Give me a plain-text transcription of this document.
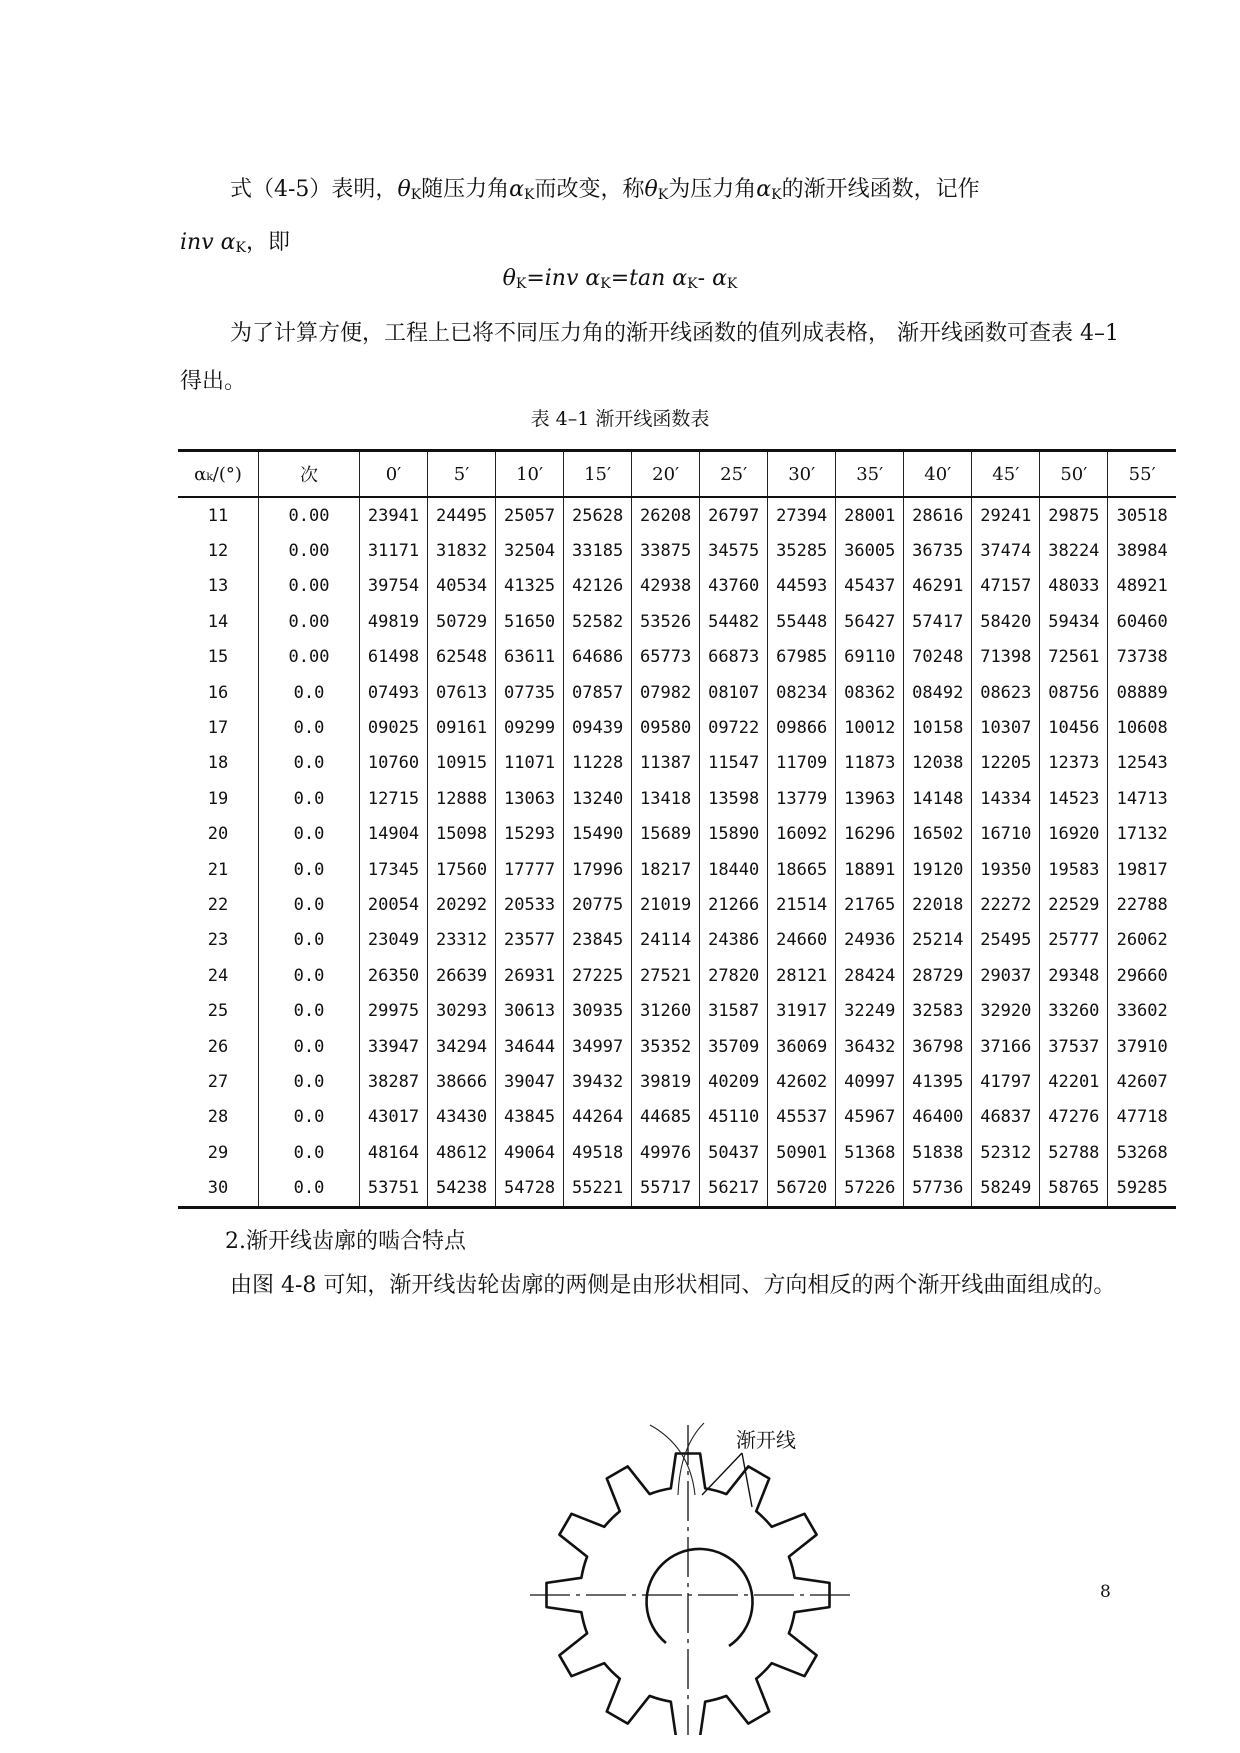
式（4-5）表明，$\theta_K$随压力角$\alpha_K$而改变，称$\theta_K$为压力角$\alpha_K$的渐开线函数，记作
inv $\alpha_K$，即
$\theta_K=inv$ $\alpha_K=\tan$ $\alpha_K-$ $\alpha_K$
为了计算方便，工程上已将不同压力角的渐开线函数的值列成表格， 渐开线函数可查表 4–1 得出。
表 4–1 渐开线函数表
αₖ/(°)	次	0′	5′	10′	15′	20′	25′	30′	35′	40′	45′	50′	55′
11	0.00	23941	24495	25057	25628	26208	26797	27394	28001	28616	29241	29875	30518
12	0.00	31171	31832	32504	33185	33875	34575	35285	36005	36735	37474	38224	38984
13	0.00	39754	40534	41325	42126	42938	43760	44593	45437	46291	47157	48033	48921
14	0.00	49819	50729	51650	52582	53526	54482	55448	56427	57417	58420	59434	60460
15	0.00	61498	62548	63611	64686	65773	66873	67985	69110	70248	71398	72561	73738
16	0.0	07493	07613	07735	07857	07982	08107	08234	08362	08492	08623	08756	08889
17	0.0	09025	09161	09299	09439	09580	09722	09866	10012	10158	10307	10456	10608
18	0.0	10760	10915	11071	11228	11387	11547	11709	11873	12038	12205	12373	12543
19	0.0	12715	12888	13063	13240	13418	13598	13779	13963	14148	14334	14523	14713
20	0.0	14904	15098	15293	15490	15689	15890	16092	16296	16502	16710	16920	17132
21	0.0	17345	17560	17777	17996	18217	18440	18665	18891	19120	19350	19583	19817
22	0.0	20054	20292	20533	20775	21019	21266	21514	21765	22018	22272	22529	22788
23	0.0	23049	23312	23577	23845	24114	24386	24660	24936	25214	25495	25777	26062
24	0.0	26350	26639	26931	27225	27521	27820	28121	28424	28729	29037	29348	29660
25	0.0	29975	30293	30613	30935	31260	31587	31917	32249	32583	32920	33260	33602
26	0.0	33947	34294	34644	34997	35352	35709	36069	36432	36798	37166	37537	37910
27	0.0	38287	38666	39047	39432	39819	40209	42602	40997	41395	41797	42201	42607
28	0.0	43017	43430	43845	44264	44685	45110	45537	45967	46400	46837	47276	47718
29	0.0	48164	48612	49064	49518	49976	50437	50901	51368	51838	52312	52788	53268
30	0.0	53751	54238	54728	55221	55717	56217	56720	57226	57736	58249	58765	59285
2.渐开线齿廓的啮合特点
由图 4-8 可知，渐开线齿轮齿廓的两侧是由形状相同、方向相反的两个渐开线曲面组成的。
渐开线
8
